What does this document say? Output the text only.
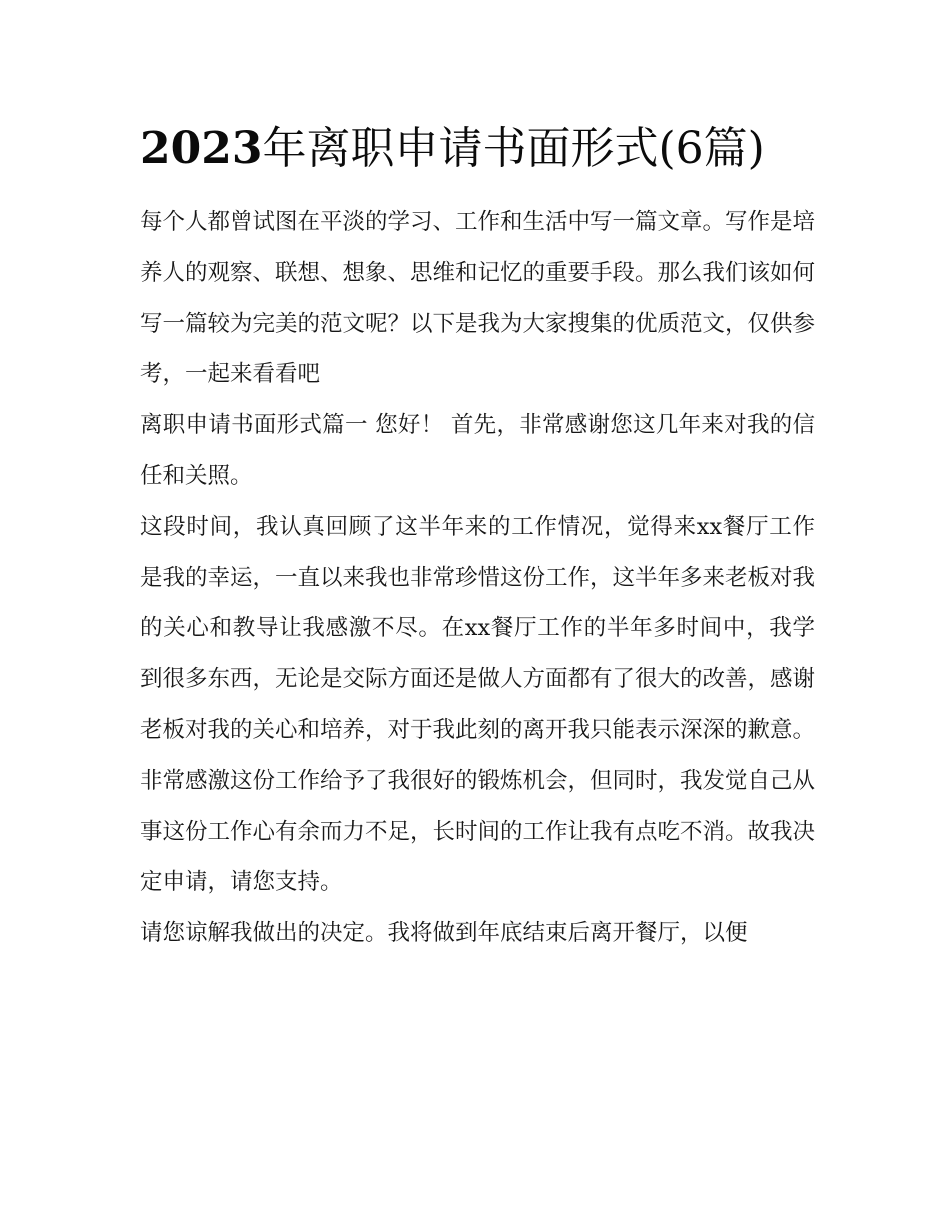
2023年离职申请书面形式(6篇)

每个人都曾试图在平淡的学习、工作和生活中写一篇文章。写作是培养人的观察、联想、想象、思维和记忆的重要手段。那么我们该如何写一篇较为完美的范文呢？以下是我为大家搜集的优质范文，仅供参考，一起来看看吧

离职申请书面形式篇一 您好！ 首先，非常感谢您这几年来对我的信任和关照。

这段时间，我认真回顾了这半年来的工作情况，觉得来xx餐厅工作是我的幸运，一直以来我也非常珍惜这份工作，这半年多来老板对我的关心和教导让我感激不尽。在xx餐厅工作的半年多时间中，我学到很多东西，无论是交际方面还是做人方面都有了很大的改善，感谢老板对我的关心和培养，对于我此刻的离开我只能表示深深的歉意。非常感激这份工作给予了我很好的锻炼机会，但同时，我发觉自己从事这份工作心有余而力不足，长时间的工作让我有点吃不消。故我决定申请，请您支持。

请您谅解我做出的决定。我将做到年底结束后离开餐厅，以便
